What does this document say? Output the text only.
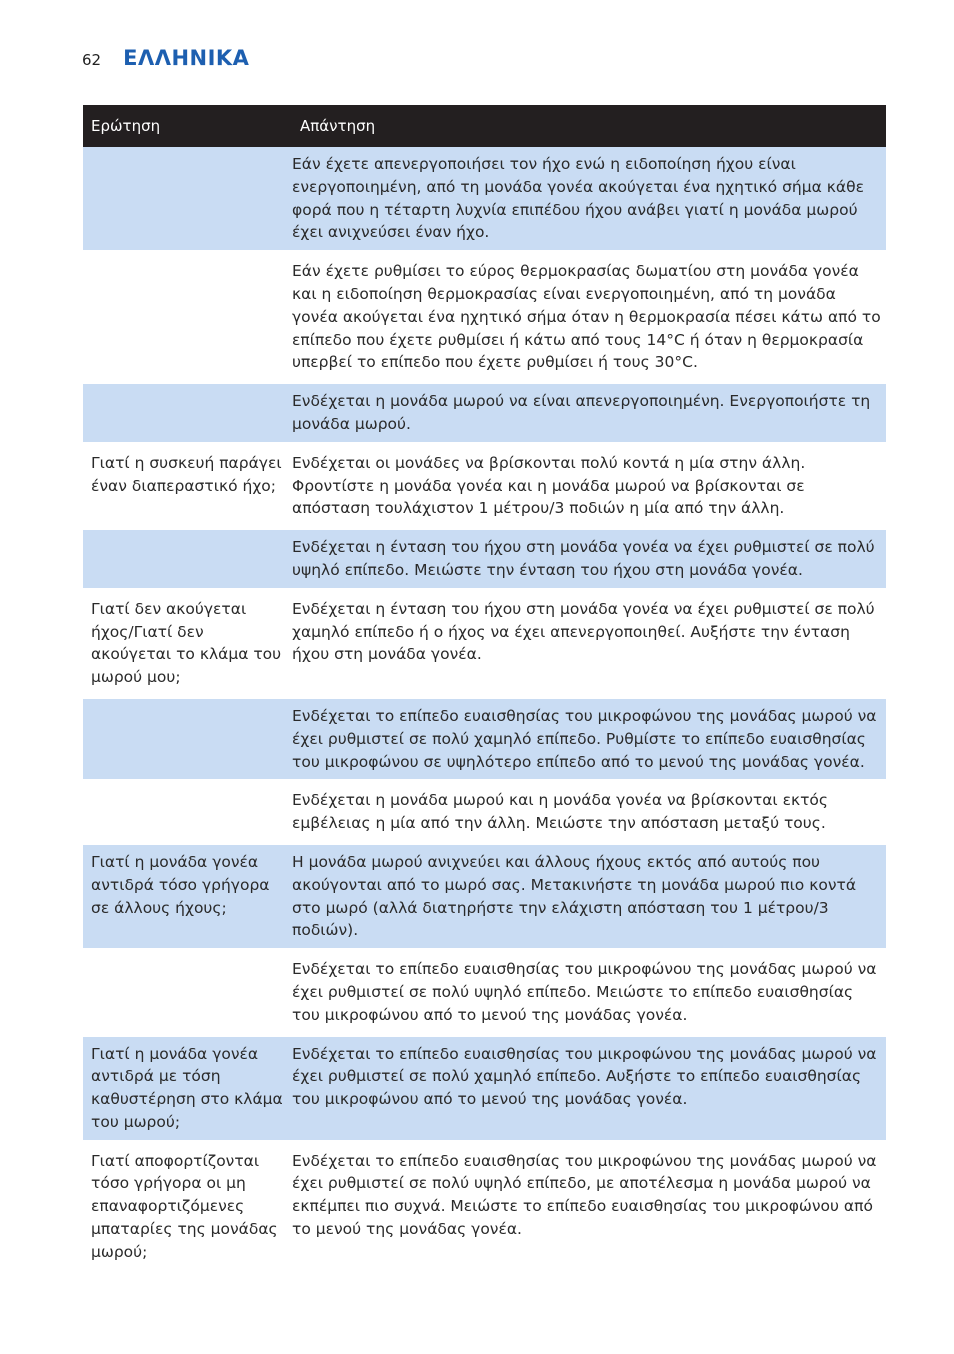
62 ΕΛΛΗΝΙΚΑ
Ερώτηση	Απάντηση
Εάν έχετε απενεργοποιήσει τον ήχο ενώ η ειδοποίηση ήχου είναι ενεργοποιημένη, από τη μονάδα γονέα ακούγεται ένα ηχητικό σήμα κάθε φορά που η τέταρτη λυχνία επιπέδου ήχου ανάβει γιατί η μονάδα μωρού έχει ανιχνεύσει έναν ήχο.
Εάν έχετε ρυθμίσει το εύρος θερμοκρασίας δωματίου στη μονάδα γονέα και η ειδοποίηση θερμοκρασίας είναι ενεργοποιημένη, από τη μονάδα γονέα ακούγεται ένα ηχητικό σήμα όταν η θερμοκρασία πέσει κάτω από το επίπεδο που έχετε ρυθμίσει ή κάτω από τους 14°C ή όταν η θερμοκρασία υπερβεί το επίπεδο που έχετε ρυθμίσει ή τους 30°C.
Ενδέχεται η μονάδα μωρού να είναι απενεργοποιημένη. Ενεργοποιήστε τη μονάδα μωρού.
Γιατί η συσκευή παράγει έναν διαπεραστικό ήχο;
Ενδέχεται οι μονάδες να βρίσκονται πολύ κοντά η μία στην άλλη. Φροντίστε η μονάδα γονέα και η μονάδα μωρού να βρίσκονται σε απόσταση τουλάχιστον 1 μέτρου/3 ποδιών η μία από την άλλη.
Ενδέχεται η ένταση του ήχου στη μονάδα γονέα να έχει ρυθμιστεί σε πολύ υψηλό επίπεδο. Μειώστε την ένταση του ήχου στη μονάδα γονέα.
Γιατί δεν ακούγεται ήχος/Γιατί δεν ακούγεται το κλάμα του μωρού μου;
Ενδέχεται η ένταση του ήχου στη μονάδα γονέα να έχει ρυθμιστεί σε πολύ χαμηλό επίπεδο ή ο ήχος να έχει απενεργοποιηθεί. Αυξήστε την ένταση ήχου στη μονάδα γονέα.
Ενδέχεται το επίπεδο ευαισθησίας του μικροφώνου της μονάδας μωρού να έχει ρυθμιστεί σε πολύ χαμηλό επίπεδο. Ρυθμίστε το επίπεδο ευαισθησίας του μικροφώνου σε υψηλότερο επίπεδο από το μενού της μονάδας γονέα.
Ενδέχεται η μονάδα μωρού και η μονάδα γονέα να βρίσκονται εκτός εμβέλειας η μία από την άλλη. Μειώστε την απόσταση μεταξύ τους.
Γιατί η μονάδα γονέα αντιδρά τόσο γρήγορα σε άλλους ήχους;
Η μονάδα μωρού ανιχνεύει και άλλους ήχους εκτός από αυτούς που ακούγονται από το μωρό σας. Μετακινήστε τη μονάδα μωρού πιο κοντά στο μωρό (αλλά διατηρήστε την ελάχιστη απόσταση του 1 μέτρου/3 ποδιών).
Ενδέχεται το επίπεδο ευαισθησίας του μικροφώνου της μονάδας μωρού να έχει ρυθμιστεί σε πολύ υψηλό επίπεδο. Μειώστε το επίπεδο ευαισθησίας του μικροφώνου από το μενού της μονάδας γονέα.
Γιατί η μονάδα γονέα αντιδρά με τόση καθυστέρηση στο κλάμα του μωρού;
Ενδέχεται το επίπεδο ευαισθησίας του μικροφώνου της μονάδας μωρού να έχει ρυθμιστεί σε πολύ χαμηλό επίπεδο. Αυξήστε το επίπεδο ευαισθησίας του μικροφώνου από το μενού της μονάδας γονέα.
Γιατί αποφορτίζονται τόσο γρήγορα οι μη επαναφορτιζόμενες μπαταρίες της μονάδας μωρού;
Ενδέχεται το επίπεδο ευαισθησίας του μικροφώνου της μονάδας μωρού να έχει ρυθμιστεί σε πολύ υψηλό επίπεδο, με αποτέλεσμα η μονάδα μωρού να εκπέμπει πιο συχνά. Μειώστε το επίπεδο ευαισθησίας του μικροφώνου από το μενού της μονάδας γονέα.
